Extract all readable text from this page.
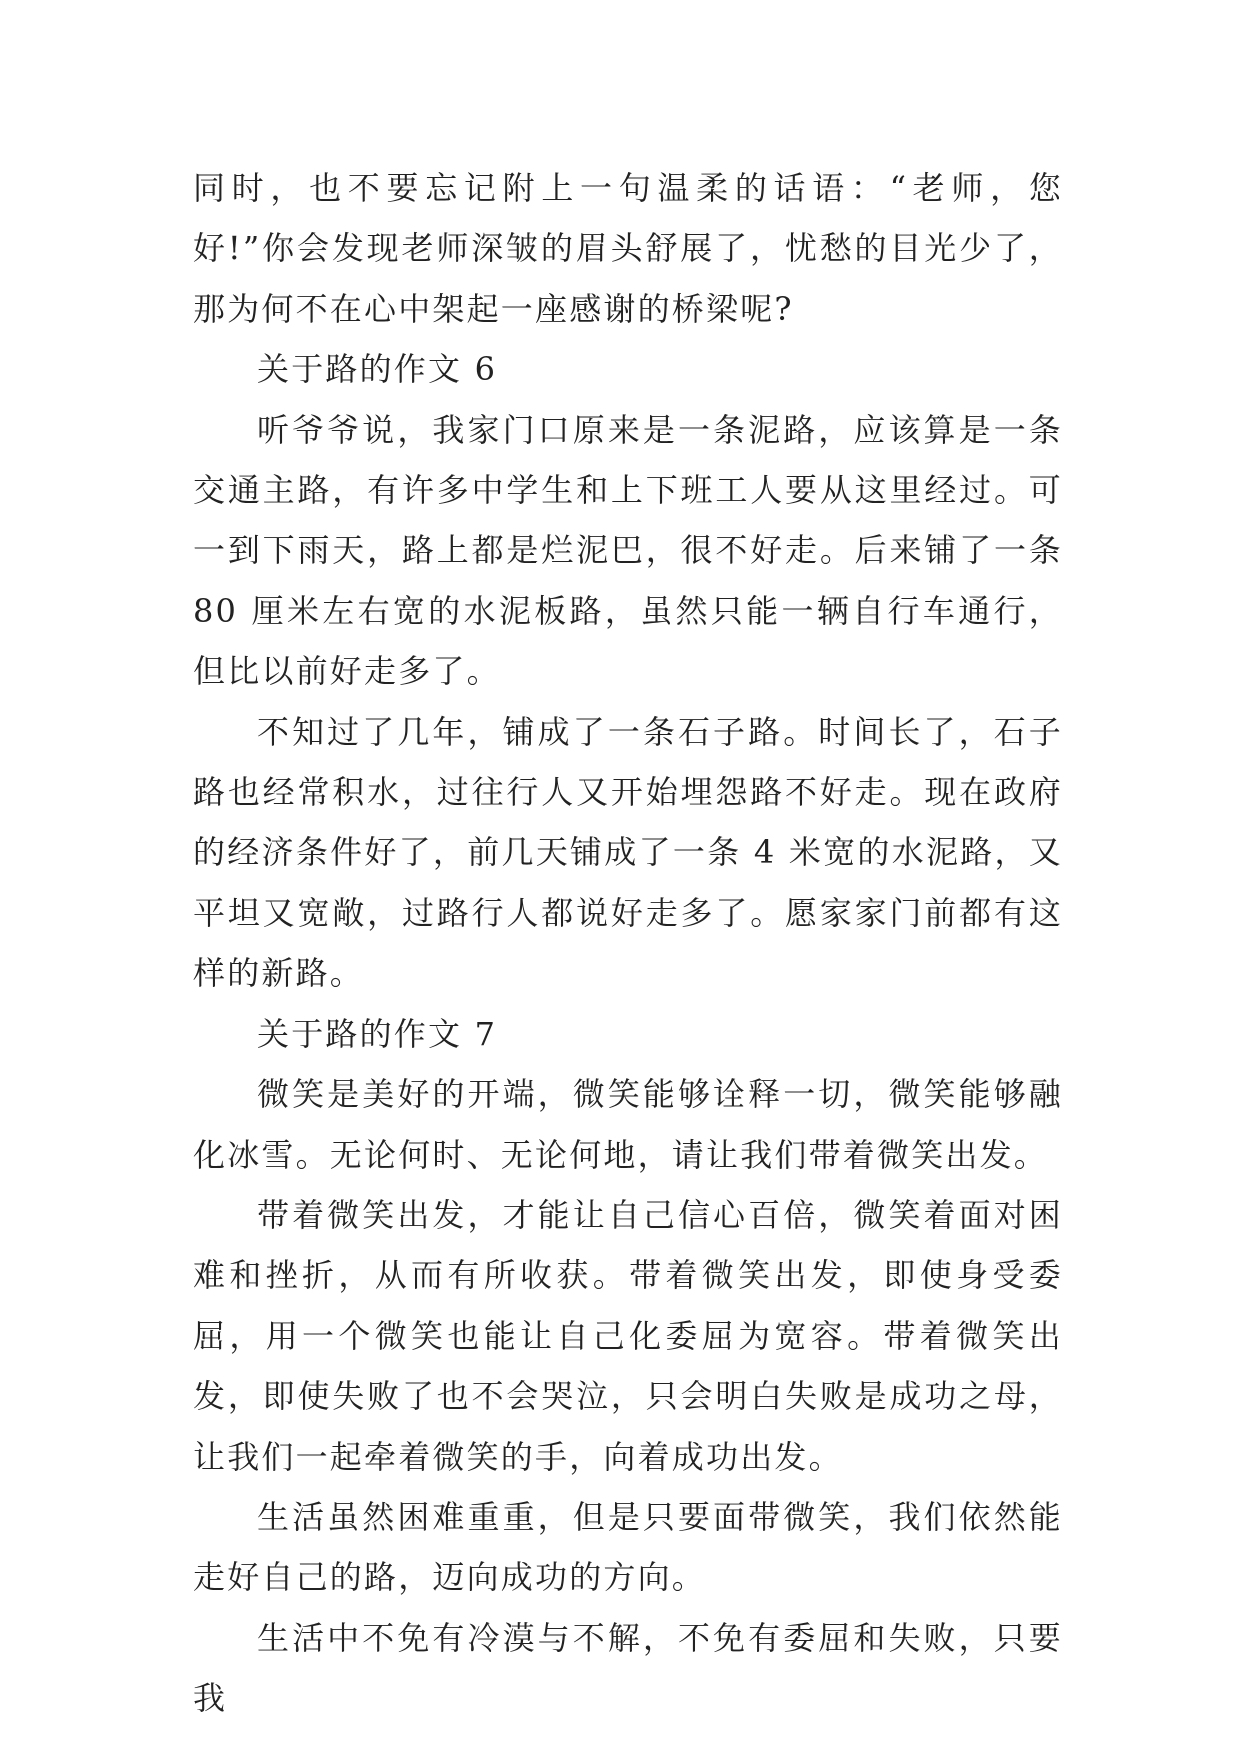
同时，也不要忘记附上一句温柔的话语：“老师，您好!”你会发现老师深皱的眉头舒展了，忧愁的目光少了，那为何不在心中架起一座感谢的桥梁呢?

关于路的作文 6

听爷爷说，我家门口原来是一条泥路，应该算是一条交通主路，有许多中学生和上下班工人要从这里经过。可一到下雨天，路上都是烂泥巴，很不好走。后来铺了一条 80 厘米左右宽的水泥板路，虽然只能一辆自行车通行，但比以前好走多了。

不知过了几年，铺成了一条石子路。时间长了，石子路也经常积水，过往行人又开始埋怨路不好走。现在政府的经济条件好了，前几天铺成了一条 4 米宽的水泥路，又平坦又宽敞，过路行人都说好走多了。愿家家门前都有这样的新路。

关于路的作文 7

微笑是美好的开端，微笑能够诠释一切，微笑能够融化冰雪。无论何时、无论何地，请让我们带着微笑出发。

带着微笑出发，才能让自己信心百倍，微笑着面对困难和挫折，从而有所收获。带着微笑出发，即使身受委屈，用一个微笑也能让自己化委屈为宽容。带着微笑出发，即使失败了也不会哭泣，只会明白失败是成功之母，让我们一起牵着微笑的手，向着成功出发。

生活虽然困难重重，但是只要面带微笑，我们依然能走好自己的路，迈向成功的方向。

生活中不免有冷漠与不解，不免有委屈和失败，只要我
